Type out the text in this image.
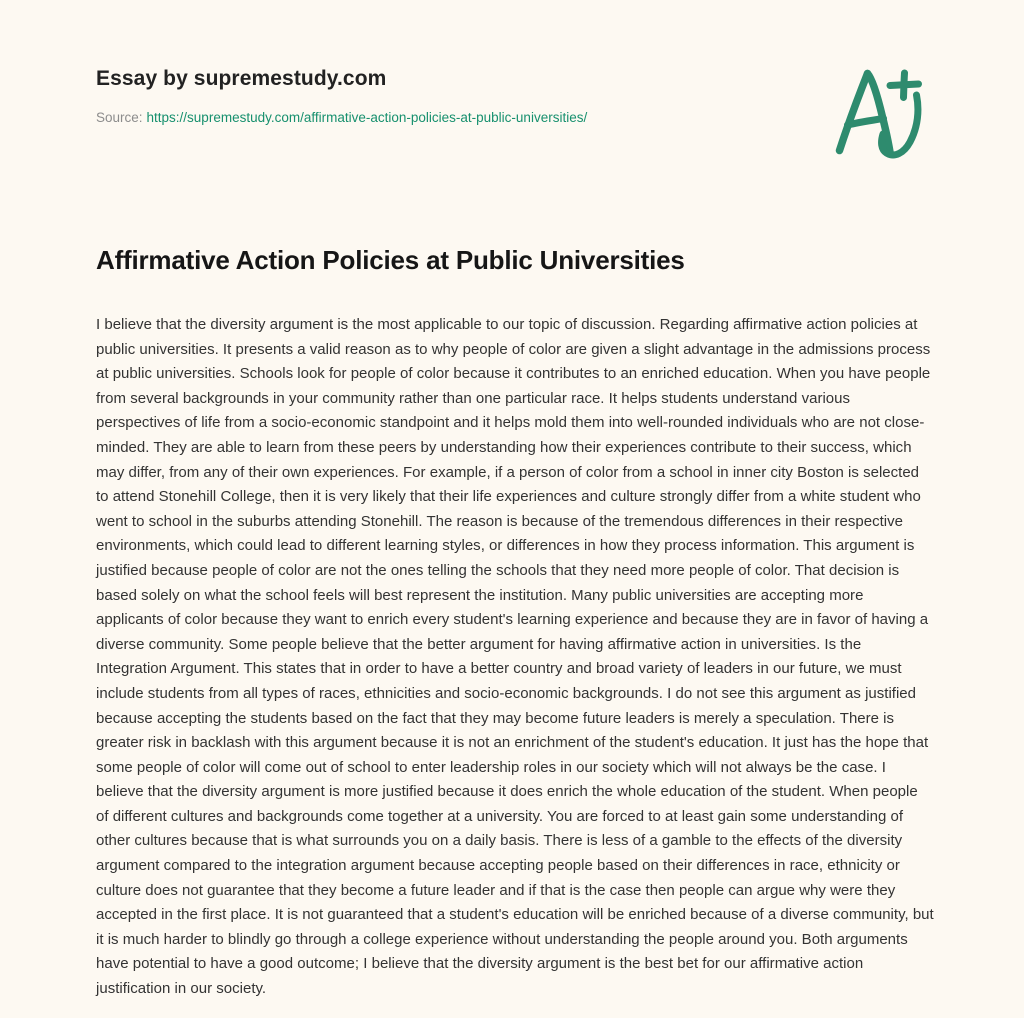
Essay by supremestudy.com
Source: https://supremestudy.com/affirmative-action-policies-at-public-universities/
Affirmative Action Policies at Public Universities

I believe that the diversity argument is the most applicable to our topic of discussion. Regarding affirmative action policies at public universities. It presents a valid reason as to why people of color are given a slight advantage in the admissions process at public universities. Schools look for people of color because it contributes to an enriched education. When you have people from several backgrounds in your community rather than one particular race. It helps students understand various perspectives of life from a socio-economic standpoint and it helps mold them into well-rounded individuals who are not close-minded. They are able to learn from these peers by understanding how their experiences contribute to their success, which may differ, from any of their own experiences. For example, if a person of color from a school in inner city Boston is selected to attend Stonehill College, then it is very likely that their life experiences and culture strongly differ from a white student who went to school in the suburbs attending Stonehill. The reason is because of the tremendous differences in their respective environments, which could lead to different learning styles, or differences in how they process information. This argument is justified because people of color are not the ones telling the schools that they need more people of color. That decision is based solely on what the school feels will best represent the institution. Many public universities are accepting more applicants of color because they want to enrich every student's learning experience and because they are in favor of having a diverse community. Some people believe that the better argument for having affirmative action in universities. Is the Integration Argument. This states that in order to have a better country and broad variety of leaders in our future, we must include students from all types of races, ethnicities and socio-economic backgrounds. I do not see this argument as justified because accepting the students based on the fact that they may become future leaders is merely a speculation. There is greater risk in backlash with this argument because it is not an enrichment of the student's education. It just has the hope that some people of color will come out of school to enter leadership roles in our society which will not always be the case. I believe that the diversity argument is more justified because it does enrich the whole education of the student. When people of different cultures and backgrounds come together at a university. You are forced to at least gain some understanding of other cultures because that is what surrounds you on a daily basis. There is less of a gamble to the effects of the diversity argument compared to the integration argument because accepting people based on their differences in race, ethnicity or culture does not guarantee that they become a future leader and if that is the case then people can argue why were they accepted in the first place. It is not guaranteed that a student's education will be enriched because of a diverse community, but it is much harder to blindly go through a college experience without understanding the people around you. Both arguments have potential to have a good outcome; I believe that the diversity argument is the best bet for our affirmative action justification in our society.
